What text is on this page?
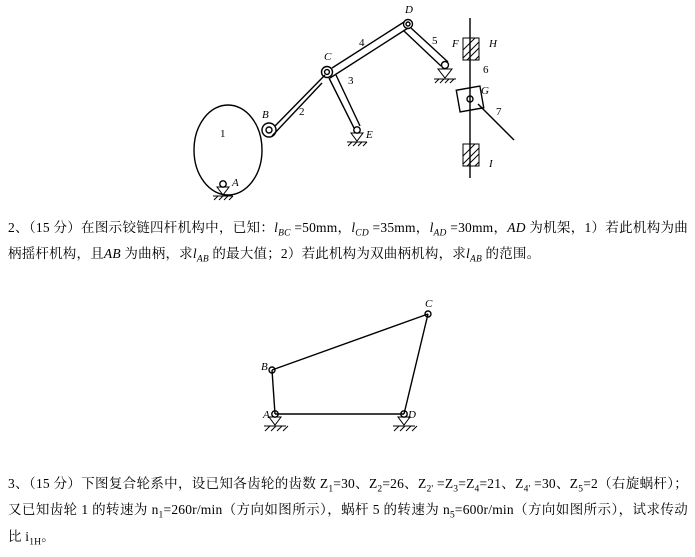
A
B
C
D
E
F
G
H
I
1
2
3
4	5
6
7
2、（15 分）在图示铰链四杆机构中，已知：$l_{BC} =50mm$，$l_{CD} =35mm$，$l_{AD} =30mm$，AD 为机架，1）若此机构为曲柄摇杆机构，且AB 为曲柄，求$l_{AB}$ 的最大值；2）若此机构为双曲柄机构，求$l_{AB}$ 的范围。
A
B
C
D
3、（15 分）下图复合轮系中，设已知各齿轮的齿数 $Z_1=30$、$Z_2=26$、$Z_{2'} =Z_3=Z_4=21$、$Z_{4'} =30$、$Z_5=2$（右旋蜗杆）；又已知齿轮 1 的转速为 $n_1=260r/\min$（方向如图所示），蜗杆 5 的转速为 $n_5=600r/\min$（方向如图所示），试求传动比 $i_{1H}$。
